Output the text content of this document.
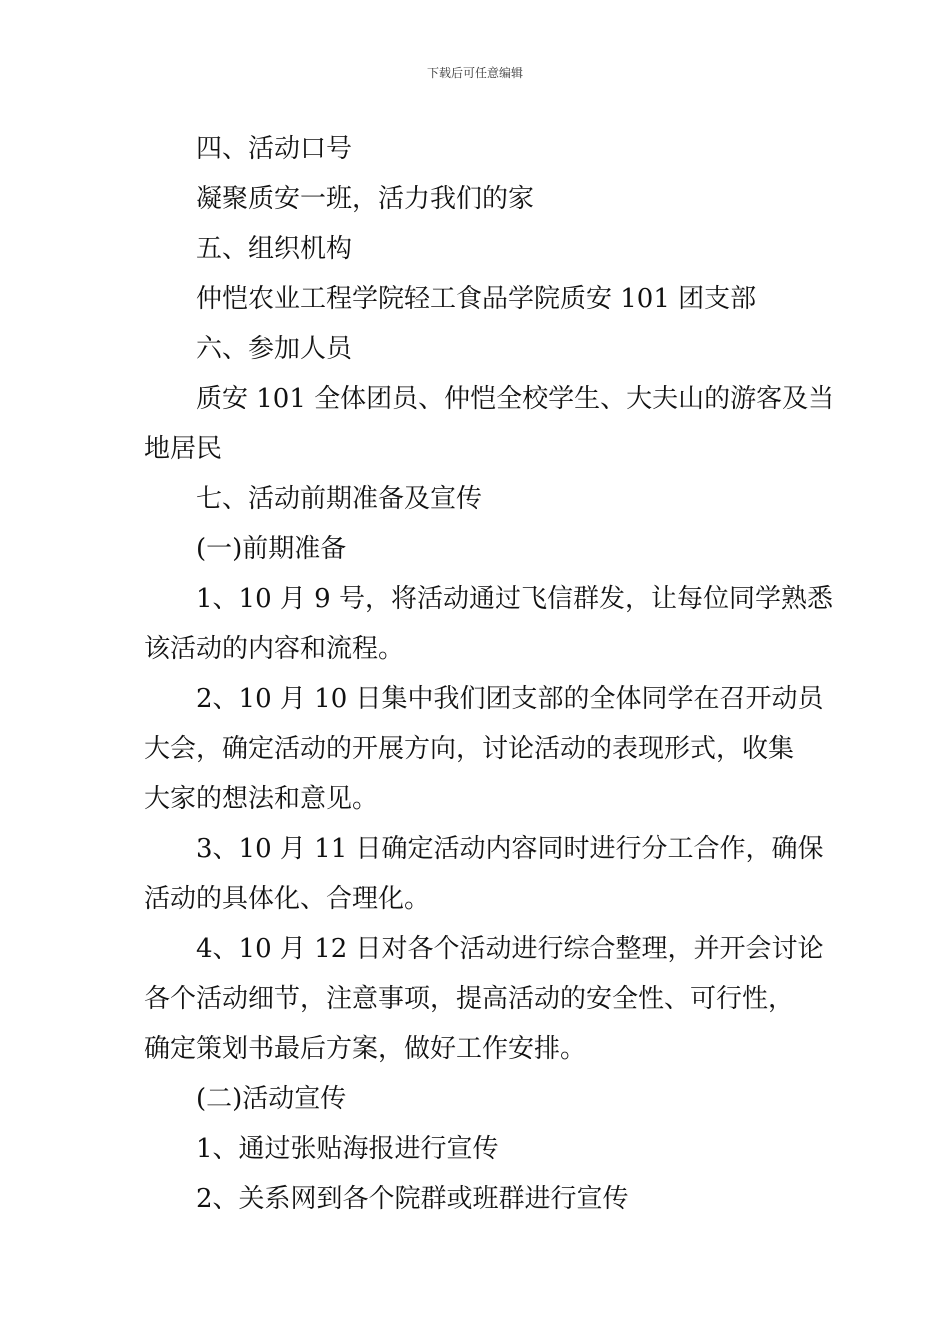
下载后可任意编辑
四、活动口号
凝聚质安一班，活力我们的家
五、组织机构
仲恺农业工程学院轻工食品学院质安 101 团支部
六、参加人员
质安 101 全体团员、仲恺全校学生、大夫山的游客及当
地居民
七、活动前期准备及宣传
(一)前期准备
1、10 月 9 号，将活动通过飞信群发，让每位同学熟悉
该活动的内容和流程。
2、10 月 10 日集中我们团支部的全体同学在召开动员
大会，确定活动的开展方向，讨论活动的表现形式，收集
大家的想法和意见。
3、10 月 11 日确定活动内容同时进行分工合作，确保
活动的具体化、合理化。
4、10 月 12 日对各个活动进行综合整理，并开会讨论
各个活动细节，注意事项，提高活动的安全性、可行性，
确定策划书最后方案，做好工作安排。
(二)活动宣传
1、通过张贴海报进行宣传
2、关系网到各个院群或班群进行宣传
